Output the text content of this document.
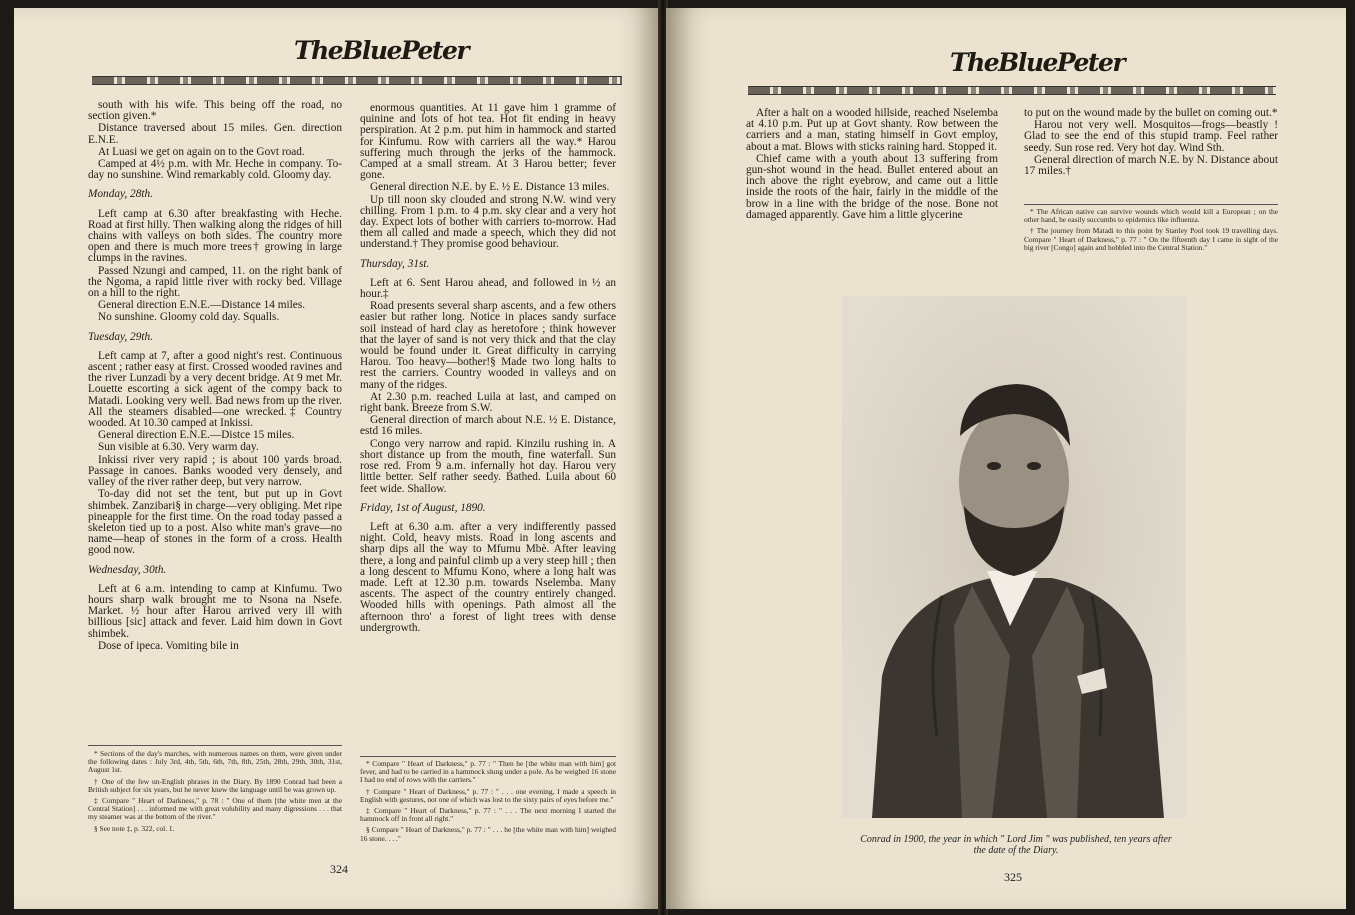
TheBluePeter

south with his wife. This being off the road, no section given.*

Distance traversed about 15 miles. Gen. direction E.N.E.

At Luasi we get on again on to the Govt road.

Camped at 4½ p.m. with Mr. Heche in company. To-day no sunshine. Wind remarkably cold. Gloomy day.

Monday, 28th.

Left camp at 6.30 after breakfasting with Heche. Road at first hilly. Then walking along the ridges of hill chains with valleys on both sides. The country more open and there is much more trees† growing in large clumps in the ravines.

Passed Nzungi and camped, 11. on the right bank of the Ngoma, a rapid little river with rocky bed. Village on a hill to the right.

General direction E.N.E.—Distance 14 miles.

No sunshine. Gloomy cold day. Squalls.

Tuesday, 29th.

Left camp at 7, after a good night's rest. Continuous ascent ; rather easy at first. Crossed wooded ravines and the river Lunzadi by a very decent bridge. At 9 met Mr. Louette escorting a sick agent of the compy back to Matadi. Looking very well. Bad news from up the river. All the steamers disabled—one wrecked.‡ Country wooded. At 10.30 camped at Inkissi.

General direction E.N.E.—Distce 15 miles.

Sun visible at 6.30. Very warm day.

Inkissi river very rapid ; is about 100 yards broad. Passage in canoes. Banks wooded very densely, and valley of the river rather deep, but very narrow.

To-day did not set the tent, but put up in Govt shimbek. Zanzibari§ in charge—very obliging. Met ripe pineapple for the first time. On the road today passed a skeleton tied up to a post. Also white man's grave—no name—heap of stones in the form of a cross. Health good now.

Wednesday, 30th.

Left at 6 a.m. intending to camp at Kinfumu. Two hours sharp walk brought me to Nsona na Nsefe. Market. ½ hour after Harou arrived very ill with billious [sic] attack and fever. Laid him down in Govt shimbek.

Dose of ipeca. Vomiting bile in

enormous quantities. At 11 gave him 1 gramme of quinine and lots of hot tea. Hot fit ending in heavy perspiration. At 2 p.m. put him in hammock and started for Kinfumu. Row with carriers all the way.* Harou suffering much through the jerks of the hammock. Camped at a small stream. At 3 Harou better; fever gone.

General direction N.E. by E. ½ E. Distance 13 miles.

Up till noon sky clouded and strong N.W. wind very chilling. From 1 p.m. to 4 p.m. sky clear and a very hot day. Expect lots of bother with carriers to-morrow. Had them all called and made a speech, which they did not understand.† They promise good behaviour.

Thursday, 31st.

Left at 6. Sent Harou ahead, and followed in ½ an hour.‡

Road presents several sharp ascents, and a few others easier but rather long. Notice in places sandy surface soil instead of hard clay as heretofore ; think however that the layer of sand is not very thick and that the clay would be found under it. Great difficulty in carrying Harou. Too heavy—bother!§ Made two long halts to rest the carriers. Country wooded in valleys and on many of the ridges.

At 2.30 p.m. reached Luila at last, and camped on right bank. Breeze from S.W.

General direction of march about N.E. ½ E. Distance, estd 16 miles.

Congo very narrow and rapid. Kinzilu rushing in. A short distance up from the mouth, fine waterfall. Sun rose red. From 9 a.m. infernally hot day. Harou very little better. Self rather seedy. Bathed. Luila about 60 feet wide. Shallow.

Friday, 1st of August, 1890.

Left at 6.30 a.m. after a very indifferently passed night. Cold, heavy mists. Road in long ascents and sharp dips all the way to Mfumu Mbè. After leaving there, a long and painful climb up a very steep hill ; then a long descent to Mfumu Kono, where a long halt was made. Left at 12.30 p.m. towards Nselemba. Many ascents. The aspect of the country entirely changed. Wooded hills with openings. Path almost all the afternoon thro' a forest of light trees with dense undergrowth.

* Sections of the day's marches, with numerous names on them, were given under the following dates : July 3rd, 4th, 5th, 6th, 7th, 8th, 25th, 28th, 29th, 30th, 31st, August 1st.

† One of the few un-English phrases in the Diary. By 1890 Conrad had been a British subject for six years, but he never knew the language until he was grown up.

‡ Compare " Heart of Darkness," p. 78 : " One of them [the white men at the Central Station] . . . informed me with great volubility and many digressions . . . that my steamer was at the bottom of the river."

§ See note ‡, p. 322, col. 1.

* Compare " Heart of Darkness," p. 77 : " Then he [the white man with him] got fever, and had to be carried in a hammock slung under a pole. As he weighed 16 stone I had no end of rows with the carriers."

† Compare " Heart of Darkness," p. 77 : " . . . one evening, I made a speech in English with gestures, not one of which was lost to the sixty pairs of eyes before me."

‡ Compare " Heart of Darkness," p. 77 : " . . . The next morning I started the hammock off in front all right."

§ Compare " Heart of Darkness," p. 77 : " . . . he [the white man with him] weighed 16 stone. . . ."

324
TheBluePeter

After a halt on a wooded hillside, reached Nselemba at 4.10 p.m. Put up at Govt shanty. Row between the carriers and a man, stating himself in Govt employ, about a mat. Blows with sticks raining hard. Stopped it.

Chief came with a youth about 13 suffering from gun-shot wound in the head. Bullet entered about an inch above the right eyebrow, and came out a little inside the roots of the hair, fairly in the middle of the brow in a line with the bridge of the nose. Bone not damaged apparently. Gave him a little glycerine

to put on the wound made by the bullet on coming out.*

Harou not very well. Mosquitos—frogs—beastly ! Glad to see the end of this stupid tramp. Feel rather seedy. Sun rose red. Very hot day. Wind Sth.

General direction of march N.E. by N. Distance about 17 miles.†

* The African native can survive wounds which would kill a European ; on the other hand, he easily succumbs to epidemics like influenza.

† The journey from Matadi to this point by Stanley Pool took 19 travelling days. Compare " Heart of Darkness," p. 77 : " On the fifteenth day I came in sight of the big river [Congo] again and hobbled into the Central Station."

Conrad in 1900, the year in which " Lord Jim " was published, ten years after the date of the Diary.
325
